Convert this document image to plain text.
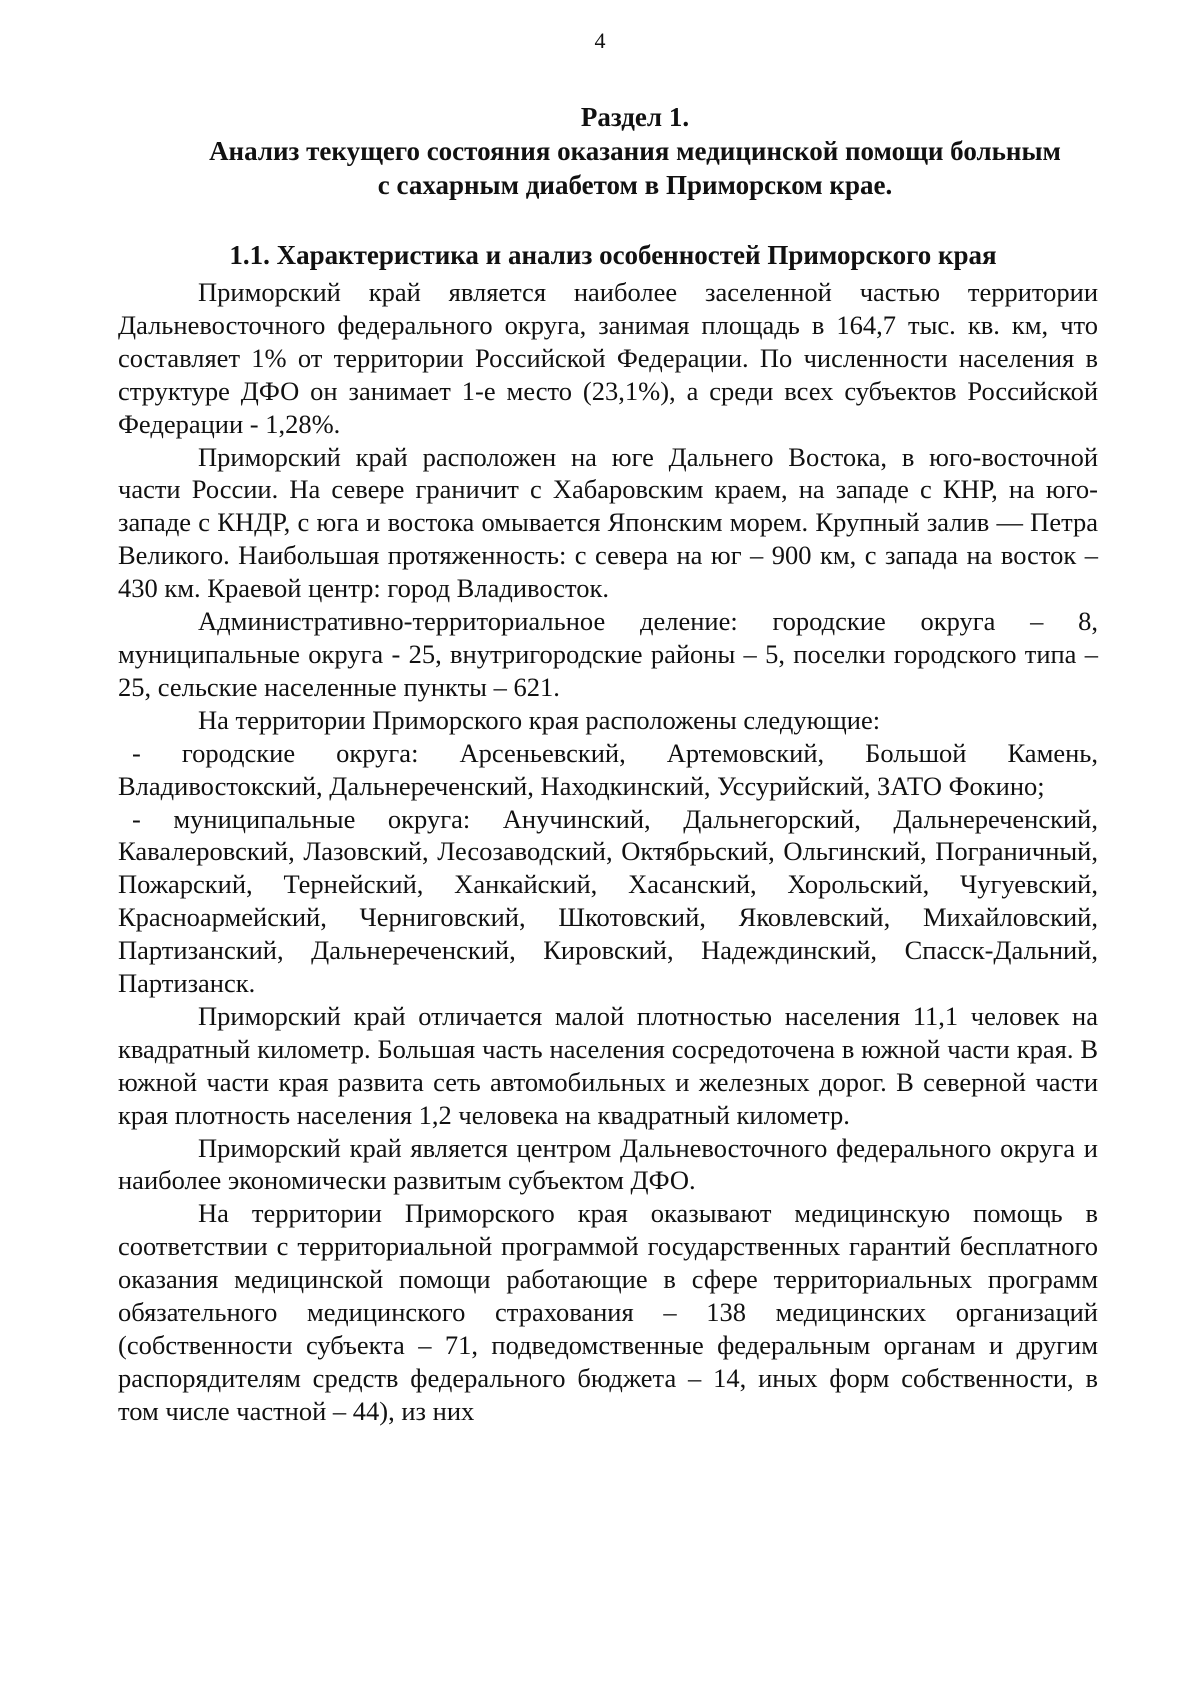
4
Раздел 1.
Анализ текущего состояния оказания медицинской помощи больным
с сахарным диабетом в Приморском крае.
1.1. Характеристика и анализ особенностей Приморского края

Приморский край является наиболее заселенной частью территории Дальневосточного федерального округа, занимая площадь в 164,7 тыс. кв. км, что составляет 1% от территории Российской Федерации. По численности населения в структуре ДФО он занимает 1-е место (23,1%), а среди всех субъектов Российской Федерации - 1,28%.

Приморский край расположен на юге Дальнего Востока, в юго-восточной части России. На севере граничит с Хабаровским краем, на западе с КНР, на юго-западе с КНДР, с юга и востока омывается Японским морем. Крупный залив — Петра Великого. Наибольшая протяженность: с севера на юг – 900 км, с запада на восток – 430 км. Краевой центр: город Владивосток.

Административно-территориальное деление: городские округа – 8, муниципальные округа - 25, внутригородские районы – 5, поселки городского типа – 25, сельские населенные пункты – 621.

На территории Приморского края расположены следующие:

- городские округа: Арсеньевский, Артемовский, Большой Камень, Владивостокский, Дальнереченский, Находкинский, Уссурийский, ЗАТО Фокино;

- муниципальные округа: Анучинский, Дальнегорский, Дальнереченский, Кавалеровский, Лазовский, Лесозаводский, Октябрьский, Ольгинский, Пограничный, Пожарский, Тернейский, Ханкайский, Хасанский, Хорольский, Чугуевский, Красноармейский, Черниговский, Шкотовский, Яковлевский, Михайловский, Партизанский, Дальнереченский, Кировский, Надеждинский, Спасск-Дальний, Партизанск.

Приморский край отличается малой плотностью населения 11,1 человек на квадратный километр. Большая часть населения сосредоточена в южной части края. В южной части края развита сеть автомобильных и железных дорог. В северной части края плотность населения 1,2 человека на квадратный километр.

Приморский край является центром Дальневосточного федерального округа и наиболее экономически развитым субъектом ДФО.

На территории Приморского края оказывают медицинскую помощь в соответствии с территориальной программой государственных гарантий бесплатного оказания медицинской помощи работающие в сфере территориальных программ обязательного медицинского страхования – 138 медицинских организаций (собственности субъекта – 71, подведомственные федеральным органам и другим распорядителям средств федерального бюджета – 14, иных форм собственности, в том числе частной – 44), из них
